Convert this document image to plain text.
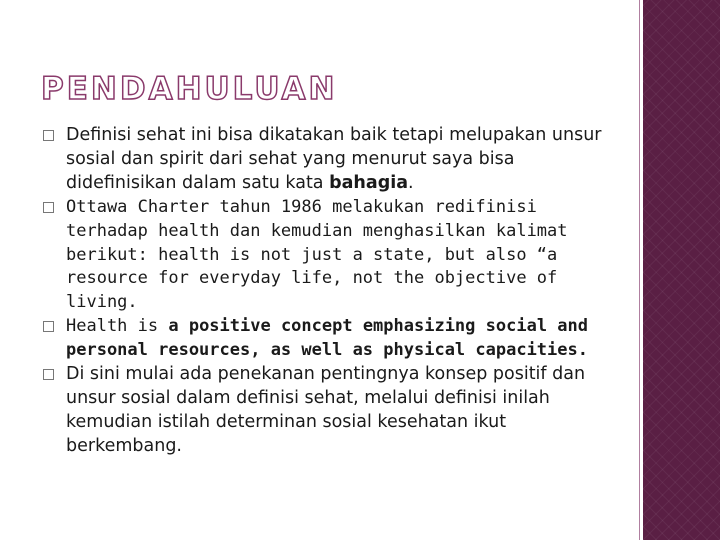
PENDAHULUAN
Definisi sehat ini bisa dikatakan baik tetapi melupakan unsur sosial dan spirit dari sehat yang menurut saya bisa didefinisikan dalam satu kata bahagia.
Ottawa Charter tahun 1986 melakukan redifinisi terhadap health dan kemudian menghasilkan kalimat berikut: health is not just a state, but also “a resource for everyday life, not the objective of living.
Health is a positive concept emphasizing social and personal resources, as well as physical capacities.
Di sini mulai ada penekanan pentingnya konsep positif dan unsur sosial dalam definisi sehat, melalui definisi inilah kemudian istilah determinan sosial kesehatan ikut berkembang.
